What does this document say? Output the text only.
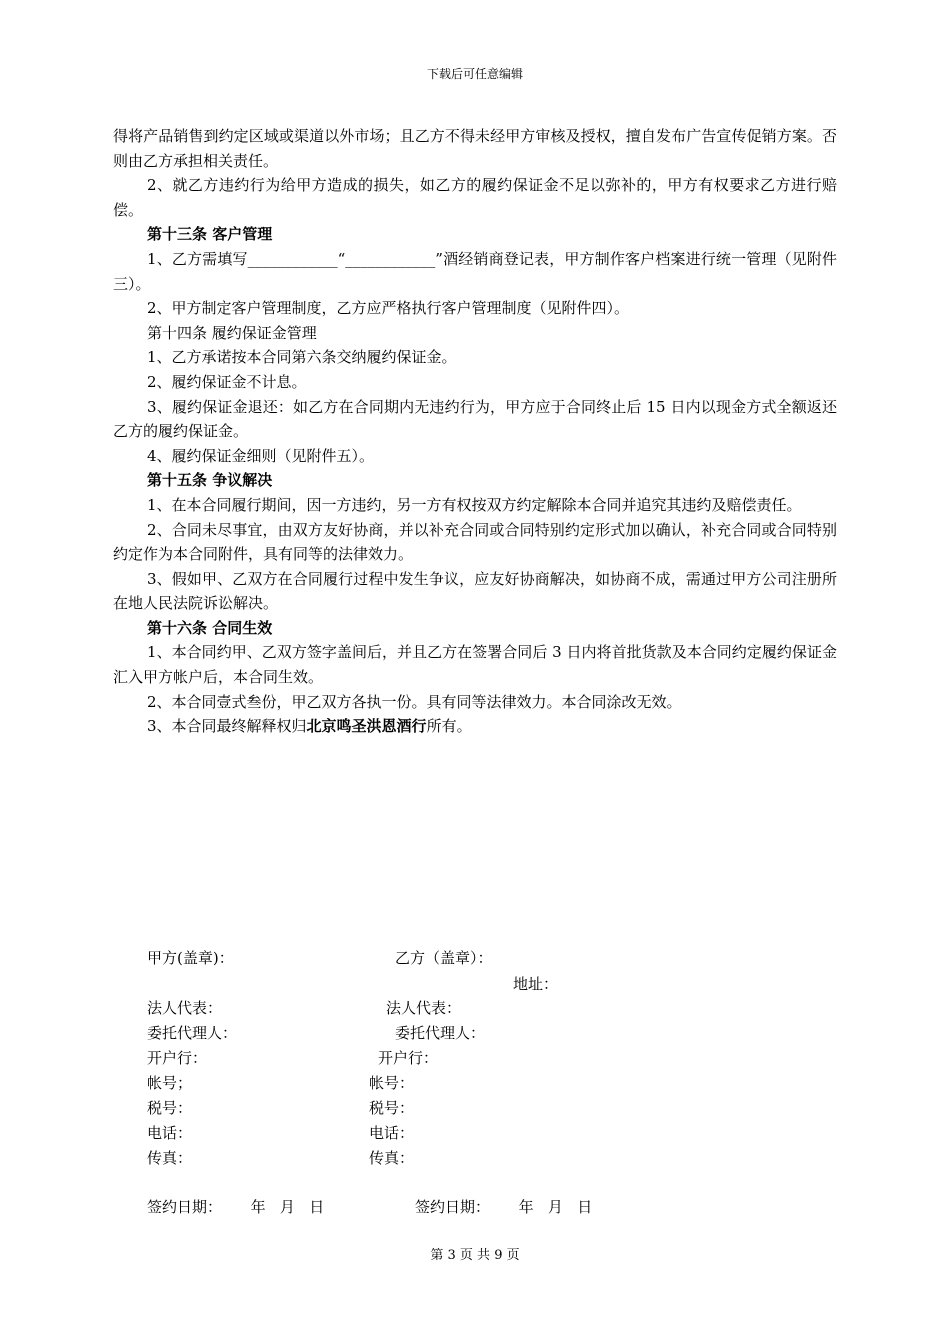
下载后可任意编辑

得将产品销售到约定区域或渠道以外市场；且乙方不得未经甲方审核及授权，擅自发布广告宣传促销方案。否则由乙方承担相关责任。

2、就乙方违约行为给甲方造成的损失，如乙方的履约保证金不足以弥补的，甲方有权要求乙方进行赔偿。

第十三条 客户管理

1、乙方需填写____________“____________”酒经销商登记表，甲方制作客户档案进行统一管理（见附件三）。

2、甲方制定客户管理制度，乙方应严格执行客户管理制度（见附件四）。

第十四条 履约保证金管理

1、乙方承诺按本合同第六条交纳履约保证金。

2、履约保证金不计息。

3、履约保证金退还：如乙方在合同期内无违约行为，甲方应于合同终止后 15 日内以现金方式全额返还乙方的履约保证金。

4、履约保证金细则（见附件五）。

第十五条 争议解决

1、在本合同履行期间，因一方违约，另一方有权按双方约定解除本合同并追究其违约及赔偿责任。

2、合同未尽事宜，由双方友好协商，并以补充合同或合同特别约定形式加以确认，补充合同或合同特别约定作为本合同附件，具有同等的法律效力。

3、假如甲、乙双方在合同履行过程中发生争议，应友好协商解决，如协商不成，需通过甲方公司注册所在地人民法院诉讼解决。

第十六条 合同生效

1、本合同约甲、乙双方签字盖间后，并且乙方在签署合同后 3 日内将首批货款及本合同约定履约保证金汇入甲方帐户后，本合同生效。

2、本合同壹式叁份，甲乙双方各执一份。具有同等法律效力。本合同涂改无效。

3、本合同最终解释权归北京鸣圣洪恩酒行所有。

甲方(盖章)：
法人代表：
委托代理人：
开户行：
帐号；
税号：
电话：
传真：
签约日期：      年   月   日
乙方（盖章）：
地址：
法人代表：
委托代理人：
开户行：
帐号：
税号：
电话：
传真：
签约日期：      年   月   日
第 3 页 共 9 页
